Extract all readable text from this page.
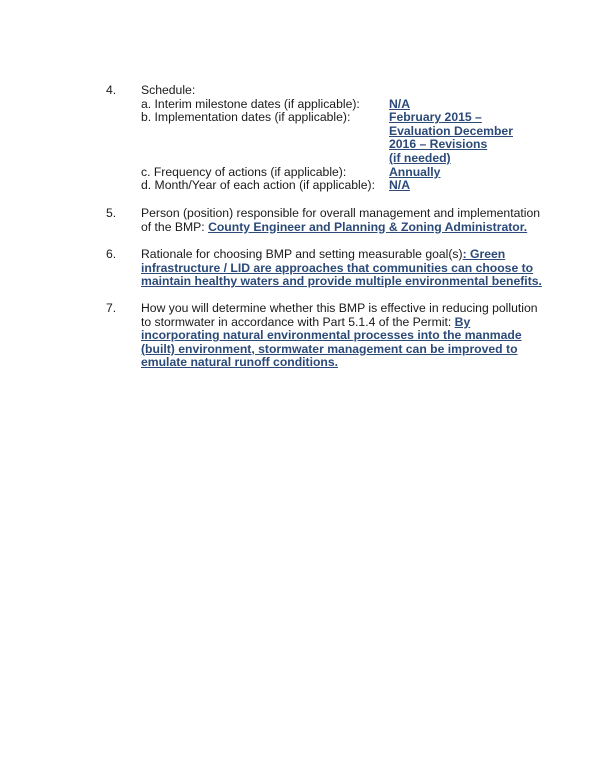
4. Schedule:
a. Interim milestone dates (if applicable): N/A
b. Implementation dates (if applicable):	February 2015 –
Evaluation December
2016 – Revisions
(if needed)
c. Frequency of actions (if applicable):	Annually
d. Month/Year of each action (if applicable): N/A
5. Person (position) responsible for overall management and implementation
of the BMP: County Engineer and Planning & Zoning Administrator.
6. Rationale for choosing BMP and setting measurable goal(s): Green
infrastructure / LID are approaches that communities can choose to
maintain healthy waters and provide multiple environmental benefits.
7. How you will determine whether this BMP is effective in reducing pollution
to stormwater in accordance with Part 5.1.4 of the Permit: By
incorporating natural environmental processes into the manmade
(built) environment, stormwater management can be improved to
emulate natural runoff conditions.
